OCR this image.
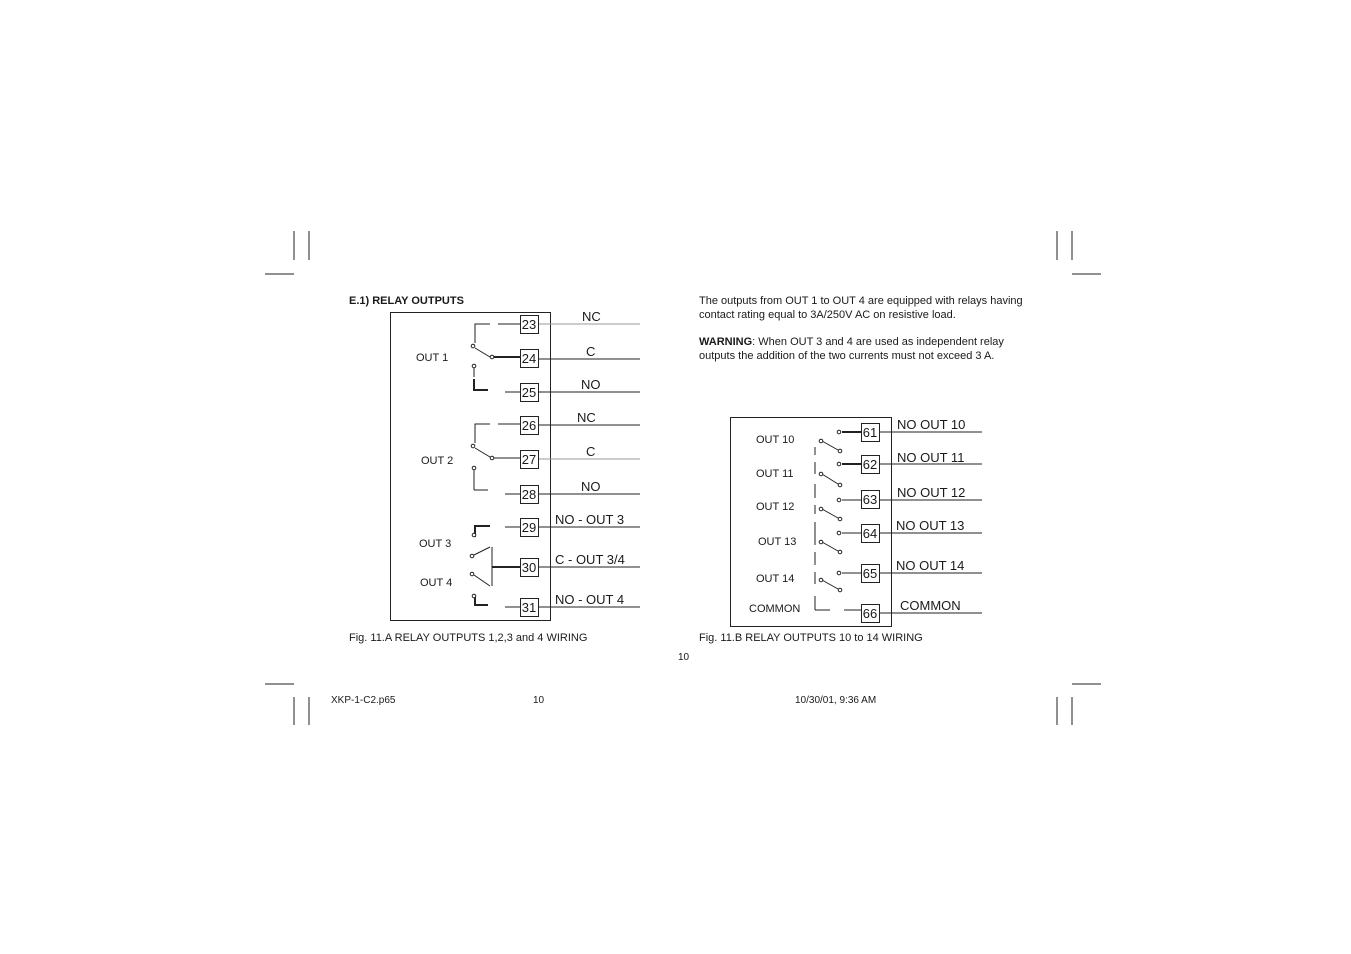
E.1) RELAY OUTPUTS	The outputs from OUT 1 to OUT 4 are equipped with relays having contact rating equal to 3A/250V AC on resistive load.
WARNING: When OUT 3 and 4 are used as independent relay outputs the addition of the two currents must not exceed 3 A.
23
24
25
26
27
28
29
30
31
OUT 1
OUT 2
OUT 3
OUT 4
NC
C
NO
NC
C
NO
NO - OUT 3
C - OUT 3/4
NO - OUT 4
Fig. 11.A RELAY OUTPUTS 1,2,3 and 4 WIRING
61
62
63
64
65
66
OUT 10
OUT 11
OUT 12
OUT 13
OUT 14
COMMON
NO OUT 10
NO OUT 11
NO OUT 12
NO OUT 13
NO OUT 14
COMMON
Fig. 11.B RELAY OUTPUTS 10 to 14 WIRING
10
XKP-1-C2.p65	10	10/30/01, 9:36 AM
